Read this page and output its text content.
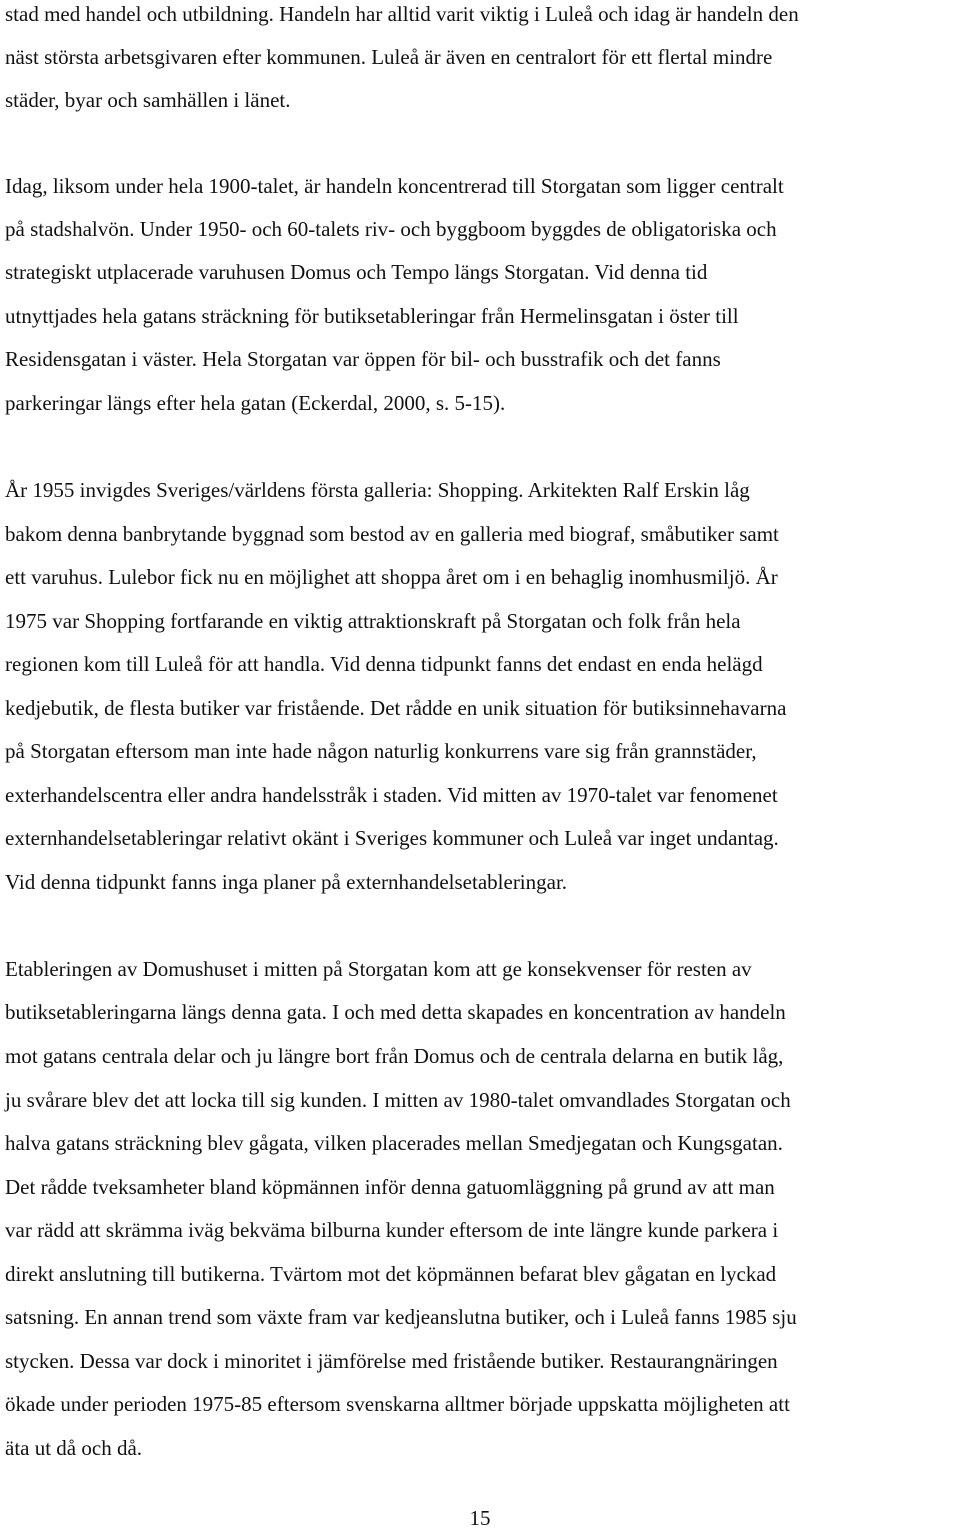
stad med handel och utbildning. Handeln har alltid varit viktig i Luleå och idag är handeln den
näst största arbetsgivaren efter kommunen. Luleå är även en centralort för ett flertal mindre
städer, byar och samhällen i länet.
Idag, liksom under hela 1900-talet, är handeln koncentrerad till Storgatan som ligger centralt
på stadshalvön. Under 1950- och 60-talets riv- och byggboom byggdes de obligatoriska och
strategiskt utplacerade varuhusen Domus och Tempo längs Storgatan. Vid denna tid
utnyttjades hela gatans sträckning för butiksetableringar från Hermelinsgatan i öster till
Residensgatan i väster. Hela Storgatan var öppen för bil- och busstrafik och det fanns
parkeringar längs efter hela gatan (Eckerdal, 2000, s. 5-15).
År 1955 invigdes Sveriges/världens första galleria: Shopping. Arkitekten Ralf Erskin låg
bakom denna banbrytande byggnad som bestod av en galleria med biograf, småbutiker samt
ett varuhus. Lulebor fick nu en möjlighet att shoppa året om i en behaglig inomhusmiljö. År
1975 var Shopping fortfarande en viktig attraktionskraft på Storgatan och folk från hela
regionen kom till Luleå för att handla. Vid denna tidpunkt fanns det endast en enda helägd
kedjebutik, de flesta butiker var fristående. Det rådde en unik situation för butiksinnehavarna
på Storgatan eftersom man inte hade någon naturlig konkurrens vare sig från grannstäder,
exterhandelscentra eller andra handelsstråk i staden. Vid mitten av 1970-talet var fenomenet
externhandelsetableringar relativt okänt i Sveriges kommuner och Luleå var inget undantag.
Vid denna tidpunkt fanns inga planer på externhandelsetableringar.
Etableringen av Domushuset i mitten på Storgatan kom att ge konsekvenser för resten av
butiksetableringarna längs denna gata. I och med detta skapades en koncentration av handeln
mot gatans centrala delar och ju längre bort från Domus och de centrala delarna en butik låg,
ju svårare blev det att locka till sig kunden. I mitten av 1980-talet omvandlades Storgatan och
halva gatans sträckning blev gågata, vilken placerades mellan Smedjegatan och Kungsgatan.
Det rådde tveksamheter bland köpmännen inför denna gatuomläggning på grund av att man
var rädd att skrämma iväg bekväma bilburna kunder eftersom de inte längre kunde parkera i
direkt anslutning till butikerna. Tvärtom mot det köpmännen befarat blev gågatan en lyckad
satsning. En annan trend som växte fram var kedjeanslutna butiker, och i Luleå fanns 1985 sju
stycken. Dessa var dock i minoritet i jämförelse med fristående butiker. Restaurangnäringen
ökade under perioden 1975-85 eftersom svenskarna alltmer började uppskatta möjligheten att
äta ut då och då.
15
